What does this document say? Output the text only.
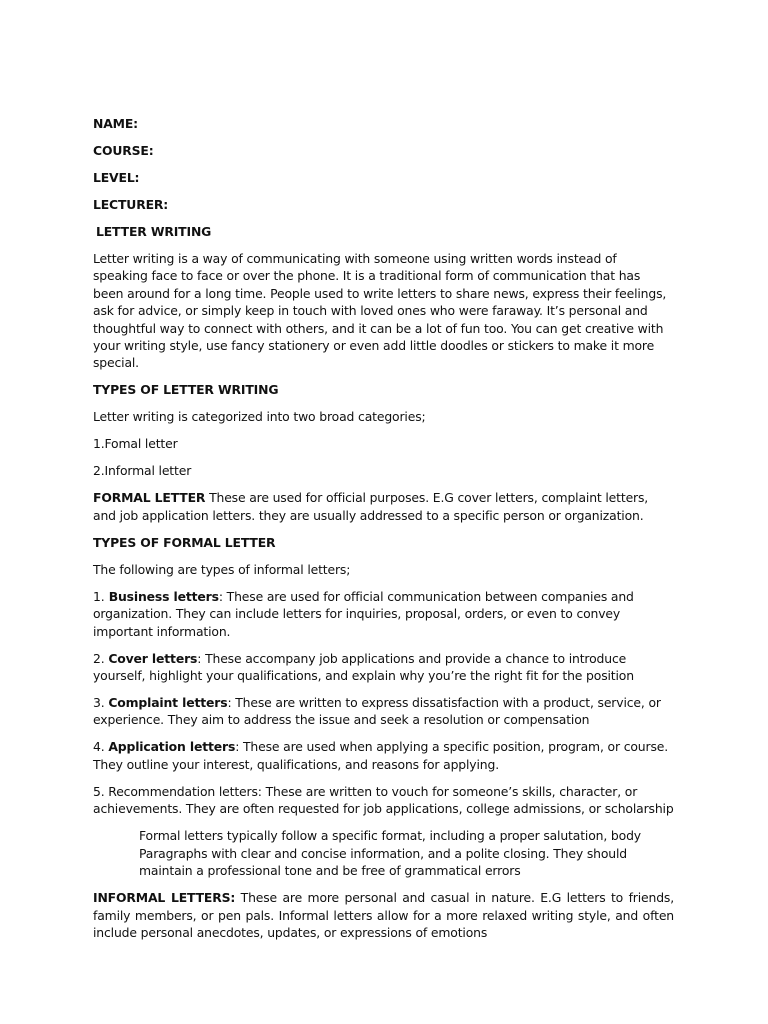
NAME:

COURSE:

LEVEL:

LECTURER:

LETTER WRITING

Letter writing is a way of communicating with someone using written words instead of speaking face to face or over the phone. It is a traditional form of communication that has been around for a long time. People used to write letters to share news, express their feelings, ask for advice, or simply keep in touch with loved ones who were faraway. It’s personal and thoughtful way to connect with others, and it can be a lot of fun too. You can get creative with your writing style, use fancy stationery or even add little doodles or stickers to make it more special.

TYPES OF LETTER WRITING

Letter writing is categorized into two broad categories;

1.Fomal letter

2.Informal letter

FORMAL LETTER These are used for official purposes. E.G cover letters, complaint letters, and job application letters. they are usually addressed to a specific person or organization.

TYPES OF FORMAL LETTER

The following are types of informal letters;

1. Business letters: These are used for official communication between companies and organization. They can include letters for inquiries, proposal, orders, or even to convey important information.

2. Cover letters: These accompany job applications and provide a chance to introduce yourself, highlight your qualifications, and explain why you’re the right fit for the position

3. Complaint letters: These are written to express dissatisfaction with a product, service, or experience. They aim to address the issue and seek a resolution or compensation

4. Application letters: These are used when applying a specific position, program, or course. They outline your interest, qualifications, and reasons for applying.

5. Recommendation letters: These are written to vouch for someone’s skills, character, or achievements. They are often requested for job applications, college admissions, or scholarship

Formal letters typically follow a specific format, including a proper salutation, body Paragraphs with clear and concise information, and a polite closing. They should maintain a professional tone and be free of grammatical errors

INFORMAL LETTERS: These are more personal and casual in nature. E.G letters to friends, family members, or pen pals. Informal letters allow for a more relaxed writing style, and often include personal anecdotes, updates, or expressions of emotions
